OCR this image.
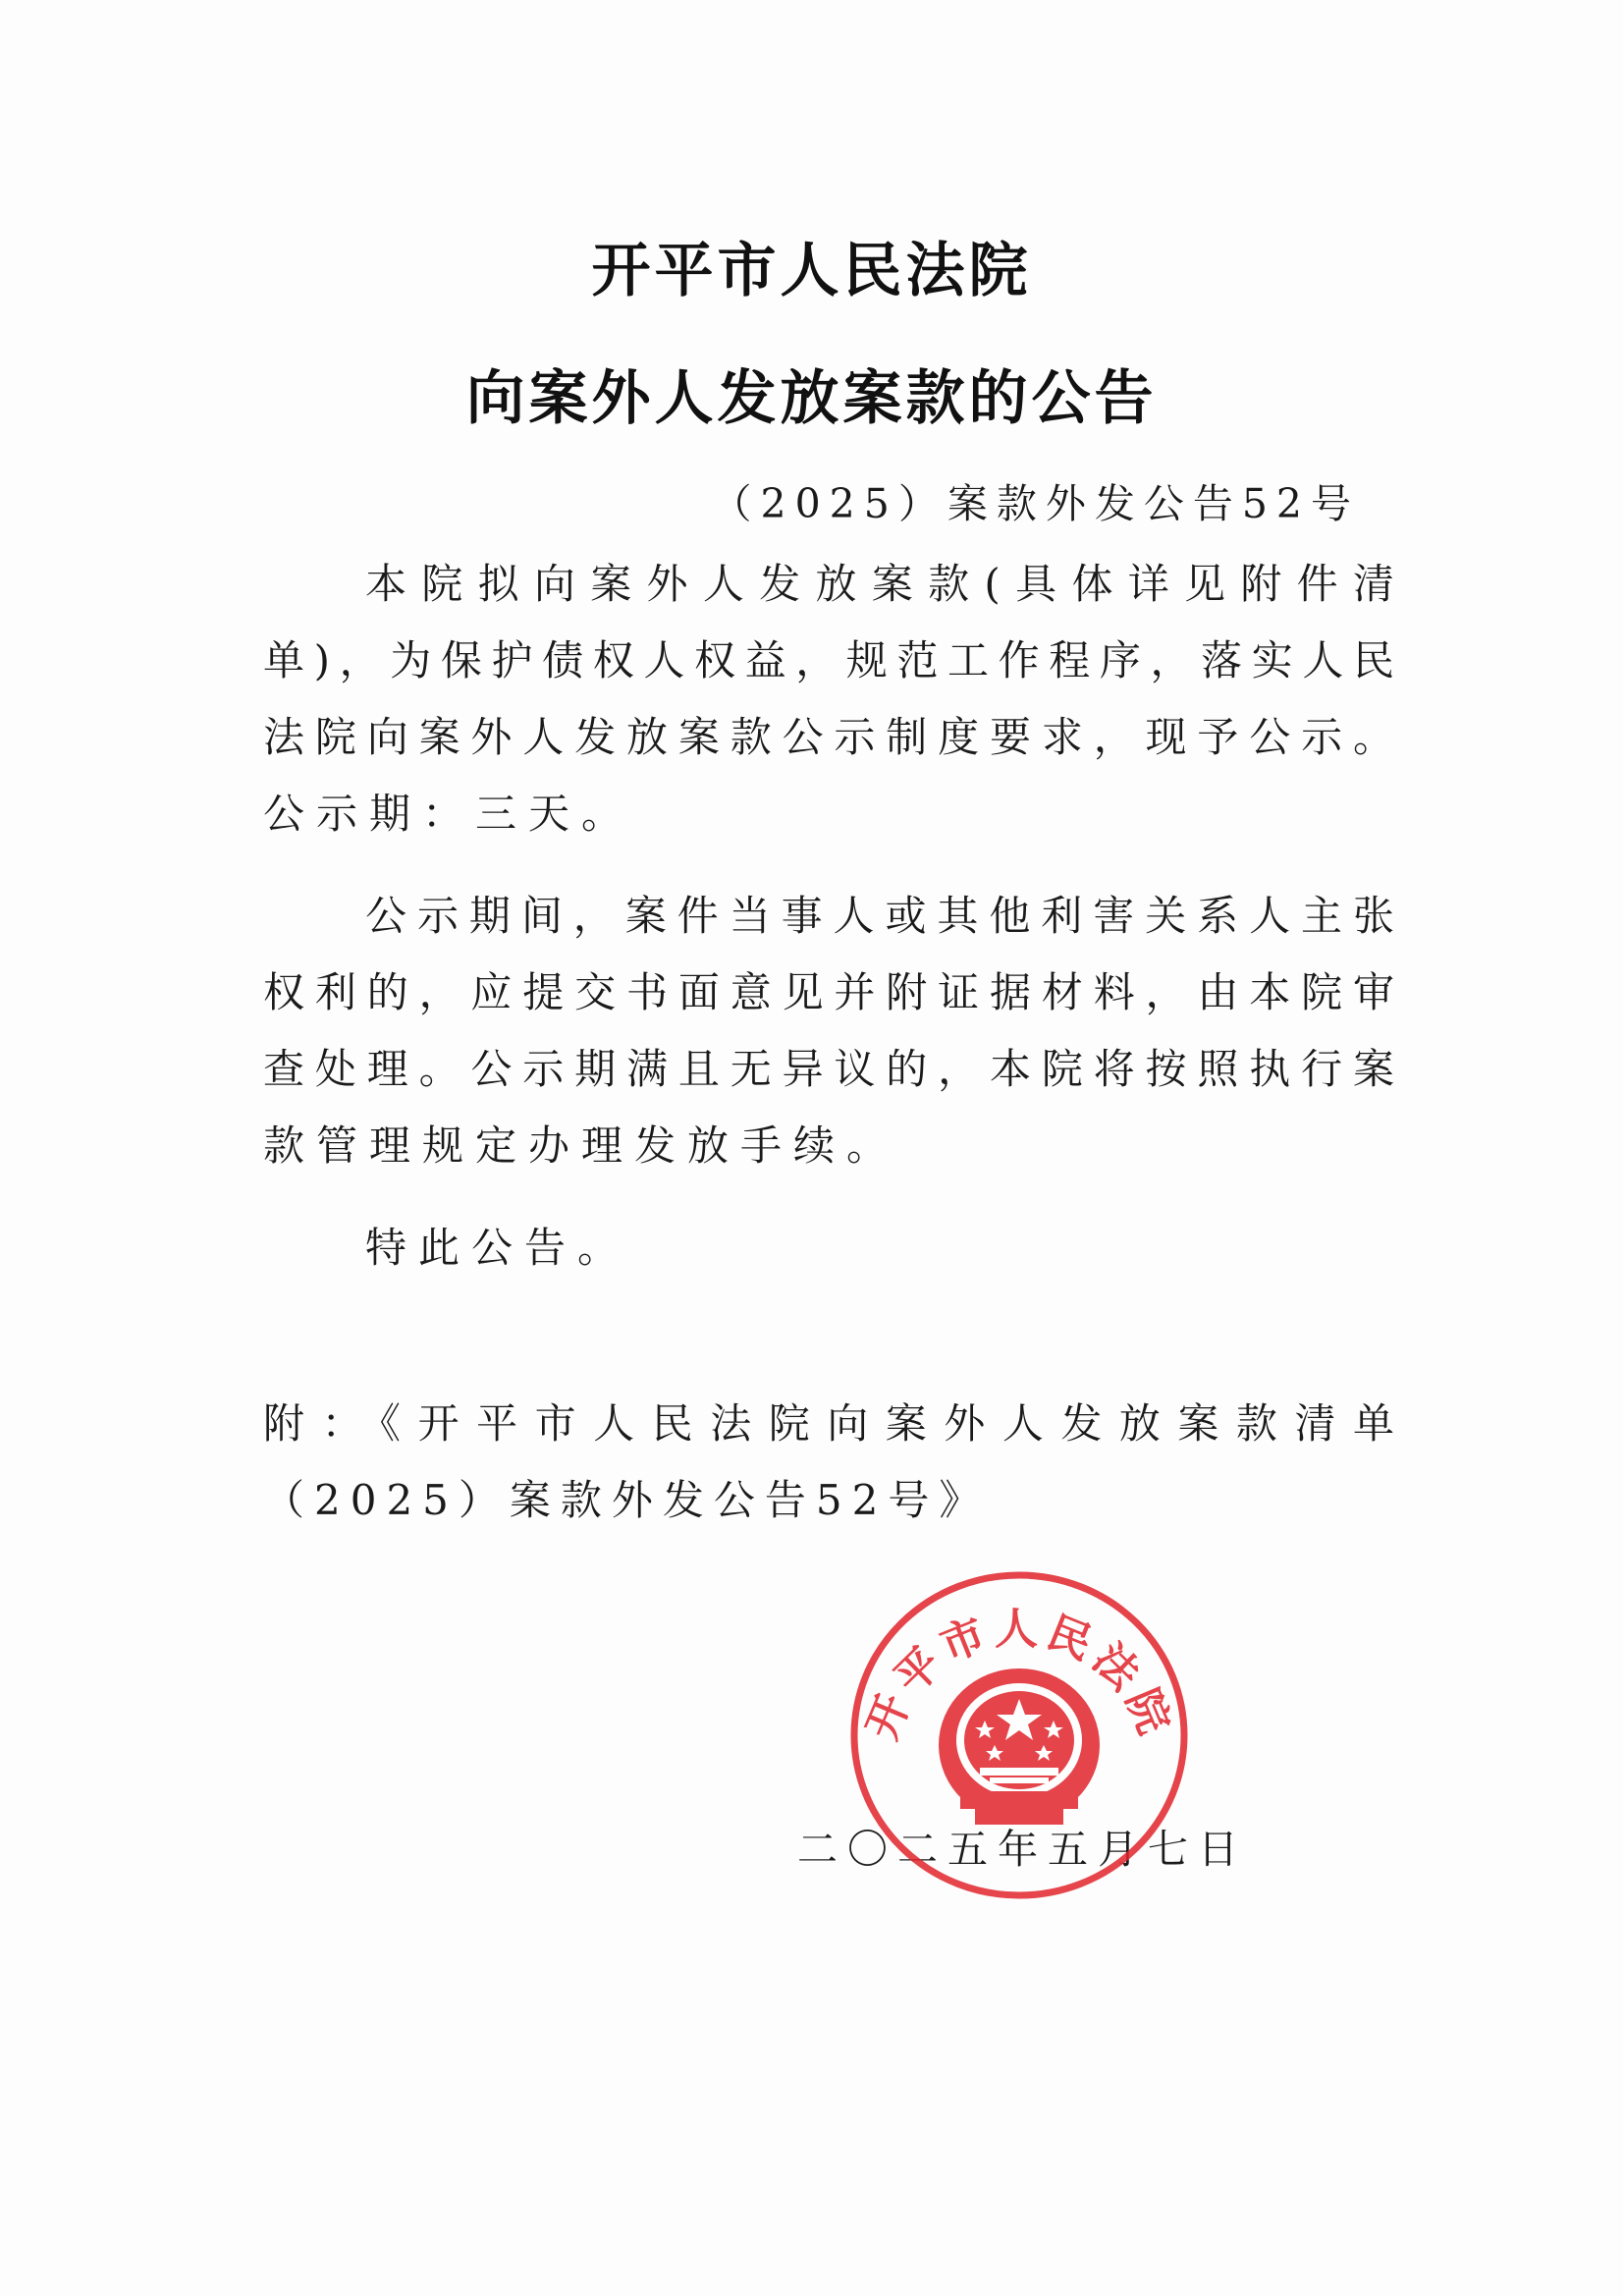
开平市人民法院
向案外人发放案款的公告
（2025）案款外发公告52号
本院拟向案外人发放案款(具体详见附件清
单)，为保护债权人权益，规范工作程序，落实人民
法院向案外人发放案款公示制度要求，现予公示。
公示期：三天。
公示期间，案件当事人或其他利害关系人主张
权利的，应提交书面意见并附证据材料，由本院审
查处理。公示期满且无异议的，本院将按照执行案
款管理规定办理发放手续。
特此公告。
附：《开平市人民法院向案外人发放案款清单
（2025）案款外发公告52号》
二〇二五年五月七日
开平市人民法院
